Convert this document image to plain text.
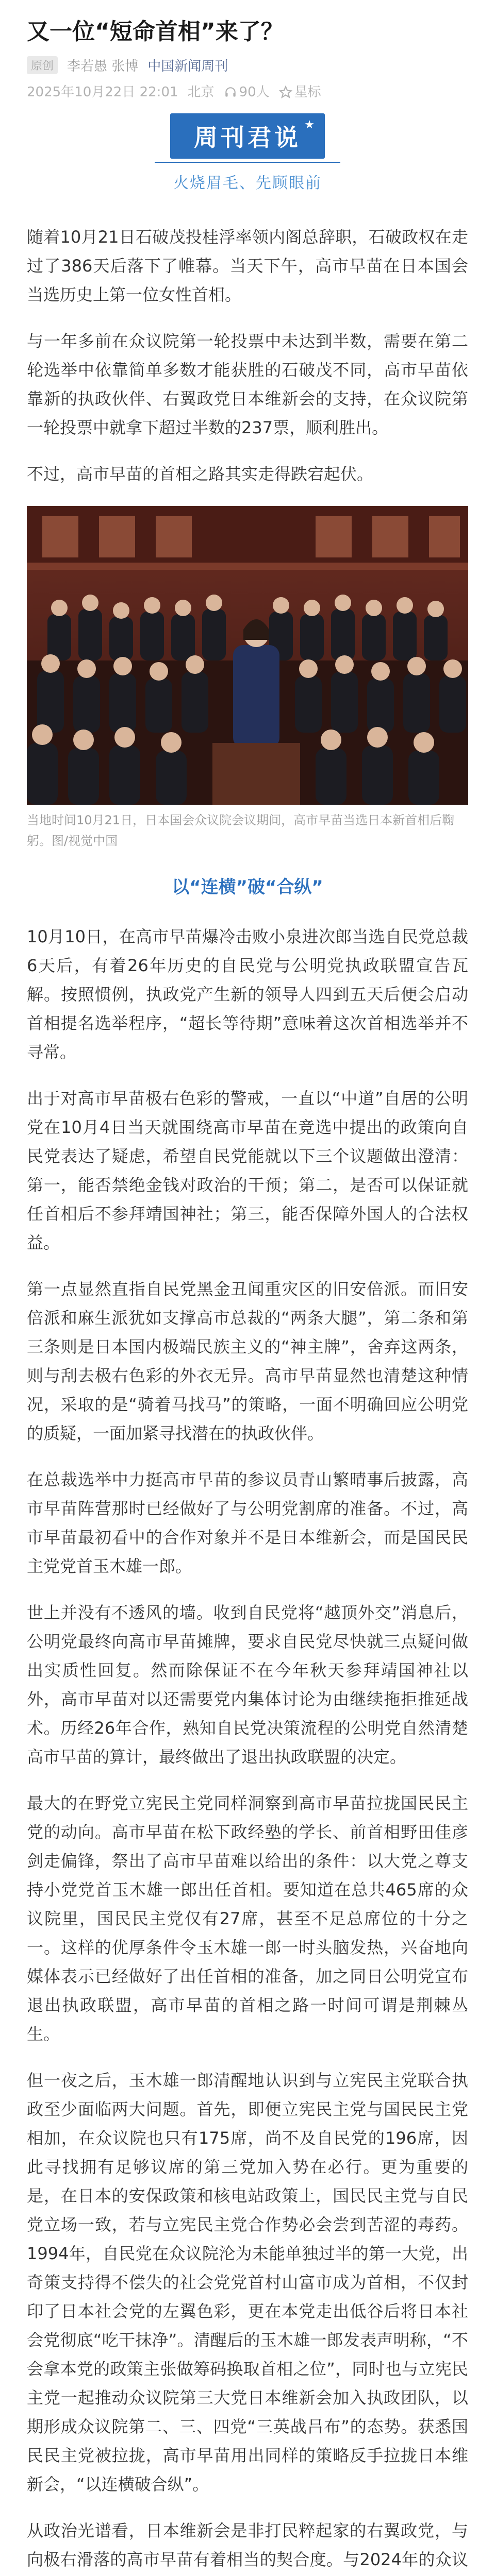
又一位“短命首相”来了？
原创	李若愚 张博 中国新闻周刊
2025年10月22日 22:01 北京	90人	星标
周刊君说 ★
火烧眉毛、先顾眼前

随着10月21日石破茂投桂浮率领内阁总辞职，石破政权在走过了386天后落下了帷幕。当天下午，高市早苗在日本国会当选历史上第一位女性首相。

与一年多前在众议院第一轮投票中未达到半数，需要在第二轮选举中依靠简单多数才能获胜的石破茂不同，高市早苗依靠新的执政伙伴、右翼政党日本维新会的支持，在众议院第一轮投票中就拿下超过半数的237票，顺利胜出。

不过，高市早苗的首相之路其实走得跌宕起伏。

当地时间10月21日，日本国会众议院会议期间，高市早苗当选日本新首相后鞠躬。图/视觉中国

以“连横”破“合纵”

10月10日，在高市早苗爆冷击败小泉进次郎当选自民党总裁6天后，有着26年历史的自民党与公明党执政联盟宣告瓦解。按照惯例，执政党产生新的领导人四到五天后便会启动首相提名选举程序，“超长等待期”意味着这次首相选举并不寻常。

出于对高市早苗极右色彩的警戒，一直以“中道”自居的公明党在10月4日当天就围绕高市早苗在竞选中提出的政策向自民党表达了疑虑，希望自民党能就以下三个议题做出澄清：第一，能否禁绝金钱对政治的干预；第二，是否可以保证就任首相后不参拜靖国神社；第三，能否保障外国人的合法权益。

第一点显然直指自民党黑金丑闻重灾区的旧安倍派。而旧安倍派和麻生派犹如支撑高市总裁的“两条大腿”，第二条和第三条则是日本国内极端民族主义的“神主牌”，舍弃这两条，则与刮去极右色彩的外衣无异。高市早苗显然也清楚这种情况，采取的是“骑着马找马”的策略，一面不明确回应公明党的质疑，一面加紧寻找潜在的执政伙伴。

在总裁选举中力挺高市早苗的参议员青山繁晴事后披露，高市早苗阵营那时已经做好了与公明党割席的准备。不过，高市早苗最初看中的合作对象并不是日本维新会，而是国民民主党党首玉木雄一郎。

世上并没有不透风的墙。收到自民党将“越顶外交”消息后，公明党最终向高市早苗摊牌，要求自民党尽快就三点疑问做出实质性回复。然而除保证不在今年秋天参拜靖国神社以外，高市早苗对以还需要党内集体讨论为由继续拖拒推延战术。历经26年合作，熟知自民党决策流程的公明党自然清楚高市早苗的算计，最终做出了退出执政联盟的决定。

最大的在野党立宪民主党同样洞察到高市早苗拉拢国民民主党的动向。高市早苗在松下政经塾的学长、前首相野田佳彦剑走偏锋，祭出了高市早苗难以给出的条件：以大党之尊支持小党党首玉木雄一郎出任首相。要知道在总共465席的众议院里，国民民主党仅有27席，甚至不足总席位的十分之一。这样的优厚条件令玉木雄一郎一时头脑发热，兴奋地向媒体表示已经做好了出任首相的准备，加之同日公明党宣布退出执政联盟，高市早苗的首相之路一时间可谓是荆棘丛生。

但一夜之后，玉木雄一郎清醒地认识到与立宪民主党联合执政至少面临两大问题。首先，即便立宪民主党与国民民主党相加，在众议院也只有175席，尚不及自民党的196席，因此寻找拥有足够议席的第三党加入势在必行。更为重要的是，在日本的安保政策和核电站政策上，国民民主党与自民党立场一致，若与立宪民主党合作势必会尝到苦涩的毒药。1994年，自民党在众议院沦为未能单独过半的第一大党，出奇策支持得不偿失的社会党党首村山富市成为首相，不仅封印了日本社会党的左翼色彩，更在本党走出低谷后将日本社会党彻底“吃干抹净”。清醒后的玉木雄一郎发表声明称，“不会拿本党的政策主张做筹码换取首相之位”，同时也与立宪民主党一起推动众议院第三大党日本维新会加入执政团队，以期形成众议院第二、三、四党“三英战吕布”的态势。获悉国民民主党被拉拢，高市早苗用出同样的策略反手拉拢日本维新会，“以连横破合纵”。

从政治光谱看，日本维新会是非打民粹起家的右翼政党，与向极右滑落的高市早苗有着相当的契合度。与2024年的众议
